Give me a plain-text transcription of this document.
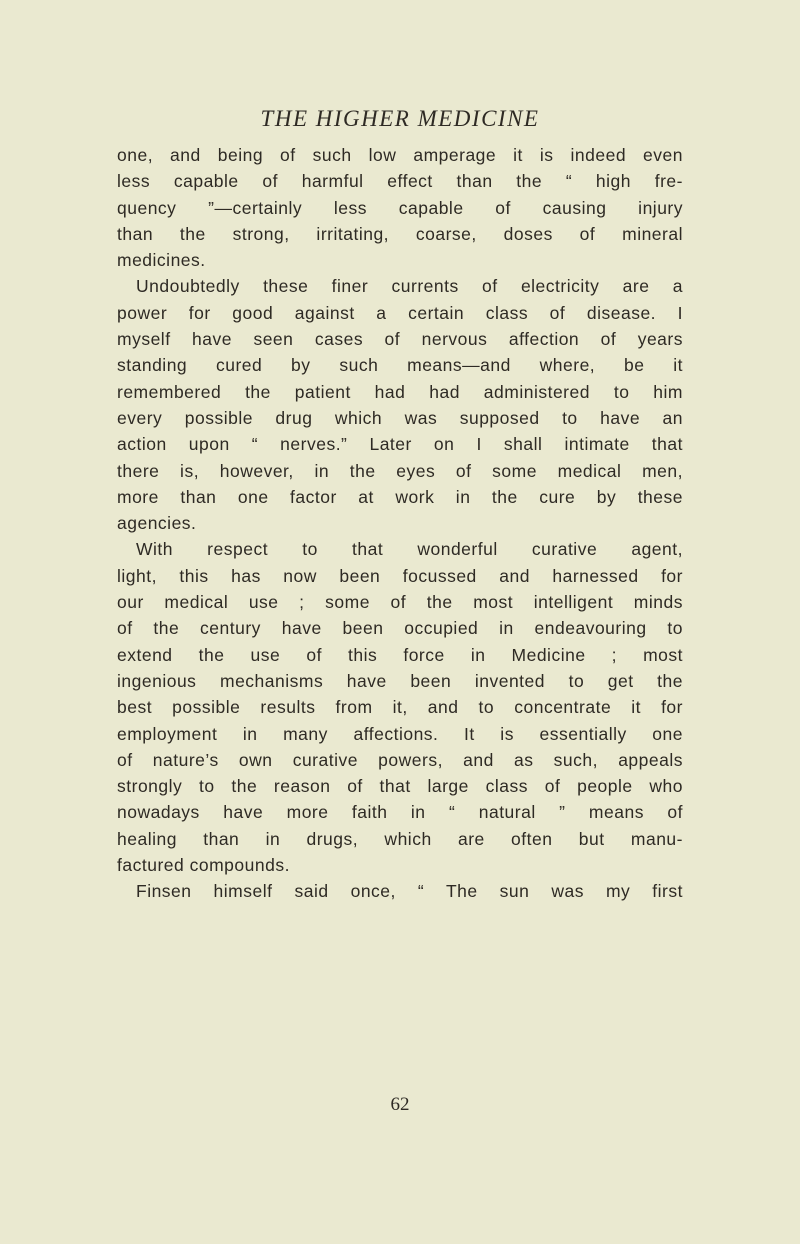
THE HIGHER MEDICINE
one, and being of such low amperage it is indeed even
less capable of harmful effect than the “ high fre-
quency ”—certainly less capable of causing injury
than the strong, irritating, coarse, doses of mineral
medicines.
Undoubtedly these finer currents of electricity are a
power for good against a certain class of disease. I
myself have seen cases of nervous affection of years
standing cured by such means—and where, be it
remembered the patient had had administered to him
every possible drug which was supposed to have an
action upon “ nerves.” Later on I shall intimate that
there is, however, in the eyes of some medical men,
more than one factor at work in the cure by these
agencies.
With respect to that wonderful curative agent,
light, this has now been focussed and harnessed for
our medical use ; some of the most intelligent minds
of the century have been occupied in endeavouring to
extend the use of this force in Medicine ; most
ingenious mechanisms have been invented to get the
best possible results from it, and to concentrate it for
employment in many affections. It is essentially one
of nature’s own curative powers, and as such, appeals
strongly to the reason of that large class of people who
nowadays have more faith in “ natural ” means of
healing than in drugs, which are often but manu-
factured compounds.
Finsen himself said once, “ The sun was my first
62
